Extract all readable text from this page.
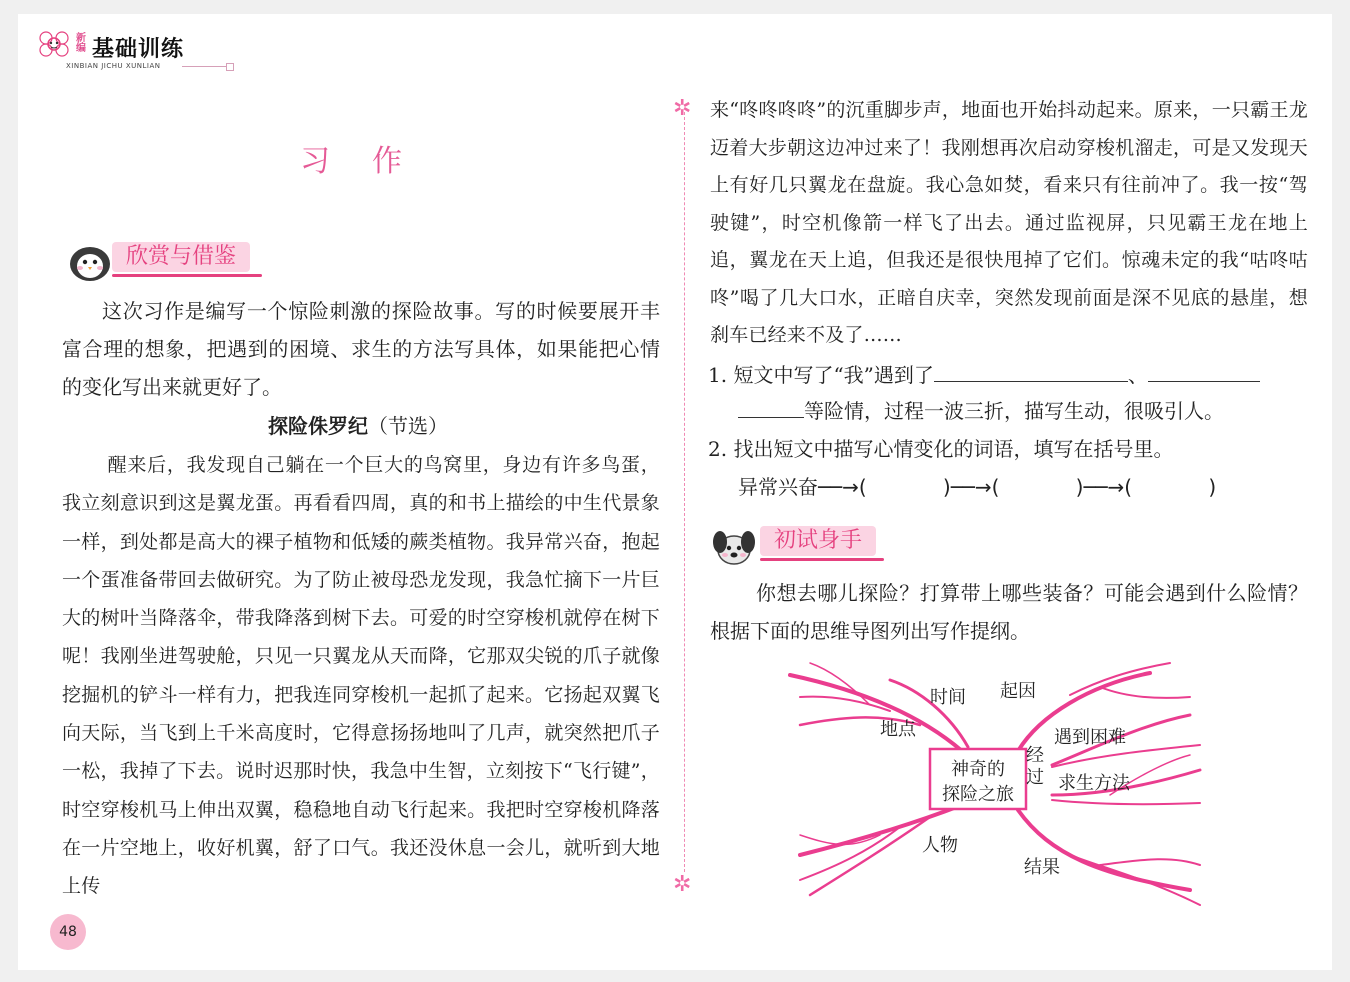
新编 基础训练
XINBIAN JICHU XUNLIAN
习作
欣赏与借鉴
这次习作是编写一个惊险刺激的探险故事。写的时候要展开丰富合理的想象，把遇到的困境、求生的方法写具体，如果能把心情的变化写出来就更好了。
探险侏罗纪（节选）
醒来后，我发现自己躺在一个巨大的鸟窝里，身边有许多鸟蛋，我立刻意识到这是翼龙蛋。再看看四周，真的和书上描绘的中生代景象一样，到处都是高大的裸子植物和低矮的蕨类植物。我异常兴奋，抱起一个蛋准备带回去做研究。为了防止被母恐龙发现，我急忙摘下一片巨大的树叶当降落伞，带我降落到树下去。可爱的时空穿梭机就停在树下呢！我刚坐进驾驶舱，只见一只翼龙从天而降，它那双尖锐的爪子就像挖掘机的铲斗一样有力，把我连同穿梭机一起抓了起来。它扬起双翼飞向天际，当飞到上千米高度时，它得意扬扬地叫了几声，就突然把爪子一松，我掉了下去。说时迟那时快，我急中生智，立刻按下“飞行键”，时空穿梭机马上伸出双翼，稳稳地自动飞行起来。我把时空穿梭机降落在一片空地上，收好机翼，舒了口气。我还没休息一会儿，就听到大地上传
✲
✲
来“咚咚咚咚”的沉重脚步声，地面也开始抖动起来。原来，一只霸王龙迈着大步朝这边冲过来了！我刚想再次启动穿梭机溜走，可是又发现天上有好几只翼龙在盘旋。我心急如焚，看来只有往前冲了。我一按“驾驶键”，时空机像箭一样飞了出去。通过监视屏，只见霸王龙在地上追，翼龙在天上追，但我还是很快甩掉了它们。惊魂未定的我“咕咚咕咚”喝了几大口水，正暗自庆幸，突然发现前面是深不见底的悬崖，想刹车已经来不及了……
1. 短文中写了“我”遇到了	、
等险情，过程一波三折，描写生动，很吸引人。
2. 找出短文中描写心情变化的词语，填写在括号里。
异常兴奋──→(            )──→(            )──→(            )
初试身手
你想去哪儿探险？打算带上哪些装备？可能会遇到什么险情？根据下面的思维导图列出写作提纲。
神奇的
探险之旅
时间 起因
地点
经
过
遇到困难
求生方法
人物
结果
48
